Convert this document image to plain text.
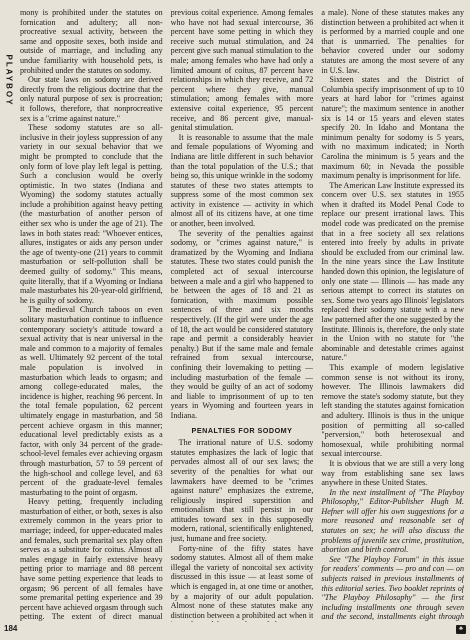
PLAYBOY

mony is prohibited under the statutes on fornication and adultery; all non-procreative sexual activity, between the same and opposite sexes, both inside and outside of marriage, and including any undue familiarity with household pets, is prohibited under the statutes on sodomy.

Our state laws on sodomy are derived directly from the religious doctrine that the only natural purpose of sex is procreation; it follows, therefore, that nonprocreative sex is a "crime against nature."

These sodomy statutes are so all-inclusive in their joyless suppression of any variety in our sexual behavior that we might be prompted to conclude that the only form of love play left legal is petting. Such a conclusion would be overly optimistic. In two states (Indiana and Wyoming) the sodomy statutes actually include a prohibition against heavy petting (the masturbation of another person of either sex who is under the age of 21). The laws in both states read: "Whoever entices, allures, instigates or aids any person under the age of twenty-one (21) years to commit masturbation or self-pollution shall be deemed guilty of sodomy." This means, quite literally, that if a Wyoming or Indiana male masturbates his 20-year-old girlfriend, he is guilty of sodomy.

The medieval Church taboos on even solitary masturbation continue to influence contemporary society's attitude toward a sexual activity that is near universal in the male and common to a majority of females as well. Ultimately 92 percent of the total male population is involved in masturbation which leads to orgasm; and among college-educated males, the incidence is higher, reaching 96 percent. In the total female population, 62 percent ultimately engage in masturbation, and 58 percent achieve orgasm in this manner; educational level predictably exists as a factor, with only 34 percent of the grade-school-level females ever achieving orgasm through masturbation, 57 to 59 percent of the high-school and college level, and 63 percent of the graduate-level females masturbating to the point of orgasm.

Heavy petting, frequently including masturbation of either, or both, sexes is also extremely common in the years prior to marriage; indeed, for upper-educated males and females, such premarital sex play often serves as a substitute for coitus. Almost all males engage in fairly extensive heavy petting prior to marriage and 88 percent have some petting experience that leads to orgasm; 96 percent of all females have some premarital petting experience and 39 percent have achieved orgasm through such petting. The extent of direct manual

previous coital experience. Among females who have not had sexual intercourse, 36 percent have some petting in which they receive such mutual stimulation, and 24 percent give such manual stimulation to the male; among females who have had only a limited amount of coitus, 87 percent have relationships in which they receive, and 72 percent where they give, manual stimulation; among females with more extensive coital experience, 95 percent receive, and 86 percent give, manual-genital stimulation.

It is reasonable to assume that the male and female populations of Wyoming and Indiana are little different in such behavior than the total population of the U.S.; that being so, this unique wrinkle in the sodomy statutes of these two states attempts to suppress some of the most common sex activity in existence — activity in which almost all of its citizens have, at one time or another, been involved.

The severity of the penalties against sodomy, or "crimes against nature," is dramatized by the Wyoming and Indiana statutes. These two states could punish the completed act of sexual intercourse between a male and a girl who happened to be between the ages of 18 and 21 as fornication, with maximum possible sentences of three and six months respectively. (If the girl were under the age of 18, the act would be considered statutory rape and permit a considerably heavier penalty.) But if the same male and female refrained from sexual intercourse, confining their lovemaking to petting — including masturbation of the female — they would be guilty of an act of sodomy and liable to imprisonment of up to ten years in Wyoming and fourteen years in Indiana.

PENALTIES FOR SODOMY

The irrational nature of U.S. sodomy statutes emphasizes the lack of logic that pervades almost all of our sex laws; the severity of the penalties for what our lawmakers have deemed to be "crimes against nature" emphasizes the extreme, religiously inspired superstition and emotionalism that still persist in our attitudes toward sex in this supposedly modern, rational, scientifically enlightened, just, humane and free society.

Forty-nine of the fifty states have sodomy statutes. Almost all of them make illegal the variety of noncoital sex activity discussed in this issue — at least some of which is engaged in, at one time or another, by a majority of our adult population. Almost none of these statutes make any distinction between a prohibited act when it

a male). None of these statutes makes any distinction between a prohibited act when it is performed by a married couple and one that is unmarried. The penalties for behavior covered under our sodomy statutes are among the most severe of any in U.S. law.

Sixteen states and the District of Columbia specify imprisonment of up to 10 years at hard labor for "crimes against nature"; the maximum sentence in another six is 14 or 15 years and eleven states specify 20. In Idaho and Montana the minimum penalty for sodomy is 5 years, with no maximum indicated; in North Carolina the minimum is 5 years and the maximum 60; in Nevada the possible maximum penalty is imprisonment for life.

The American Law Institute expressed its concern over U.S. sex statutes in 1955 when it drafted its Model Penal Code to replace our present irrational laws. This model code was predicated on the premise that in a free society all sex relations entered into freely by adults in private should be excluded from our criminal law. In the nine years since the Law Institute handed down this opinion, the legislature of only one state — Illinois — has made any serious attempt to correct its statutes on sex. Some two years ago Illinois' legislators replaced their sodomy statute with a new law patterned after the one suggested by the Institute. Illinois is, therefore, the only state in the Union with no statute for "the abominable and detestable crimes against nature."

This example of modern legislative common sense is not without its irony, however. The Illinois lawmakers did remove the state's sodomy statute, but they left standing the statutes against fornication and adultery. Illinois is thus in the unique position of permitting all so-called "perversion," both heterosexual and homosexual, while prohibiting normal sexual intercourse.

It is obvious that we are still a very long way from establishing sane sex laws anywhere in these United States.

In the next installment of "The Playboy Philosophy," Editor-Publisher Hugh M. Hefner will offer his own suggestions for a more reasoned and reasonable set of statutes on sex; he will also discuss the problems of juvenile sex crime, prostitution, abortion and birth control.

See "The Playboy Forum" in this issue for readers' comments — pro and con — on subjects raised in previous installments of this editorial series. Two booklet reprints of "The Playboy Philosophy" — the first including installments one through seven and the second, installments eight through

184	♣
